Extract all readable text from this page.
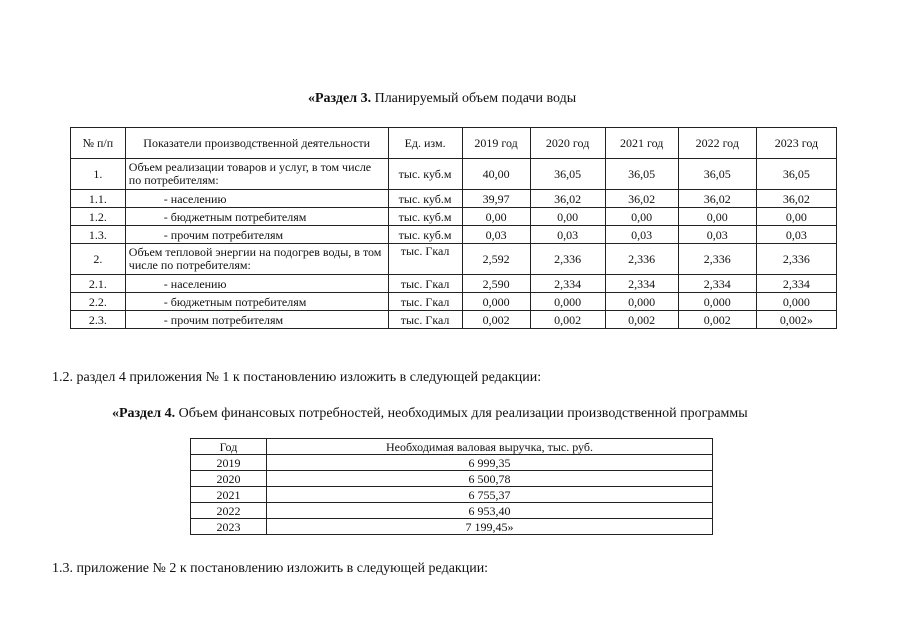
«Раздел 3. Планируемый объем подачи воды
№ п/п	Показатели производственной деятельности	Ед. изм.	2019 год	2020 год	2021 год	2022 год	2023 год
1.	Объем реализации товаров и услуг, в том числе по потребителям:	тыс. куб.м	40,00	36,05	36,05	36,05	36,05
1.1.	- населению	тыс. куб.м	39,97	36,02	36,02	36,02	36,02
1.2.	- бюджетным потребителям	тыс. куб.м	0,00	0,00	0,00	0,00	0,00
1.3.	- прочим потребителям	тыс. куб.м	0,03	0,03	0,03	0,03	0,03
2.	Объем тепловой энергии на подогрев воды, в том числе по потребителям:	тыс. Гкал	2,592	2,336	2,336	2,336	2,336
2.1.	- населению	тыс. Гкал	2,590	2,334	2,334	2,334	2,334
2.2.	- бюджетным потребителям	тыс. Гкал	0,000	0,000	0,000	0,000	0,000
2.3.	- прочим потребителям	тыс. Гкал	0,002	0,002	0,002	0,002	0,002»
1.2. раздел 4 приложения № 1 к постановлению изложить в следующей редакции:
«Раздел 4. Объем финансовых потребностей, необходимых для реализации производственной программы
Год	Необходимая валовая выручка, тыс. руб.
2019	6 999,35
2020	6 500,78
2021	6 755,37
2022	6 953,40
2023	7 199,45»
1.3. приложение № 2 к постановлению изложить в следующей редакции:
